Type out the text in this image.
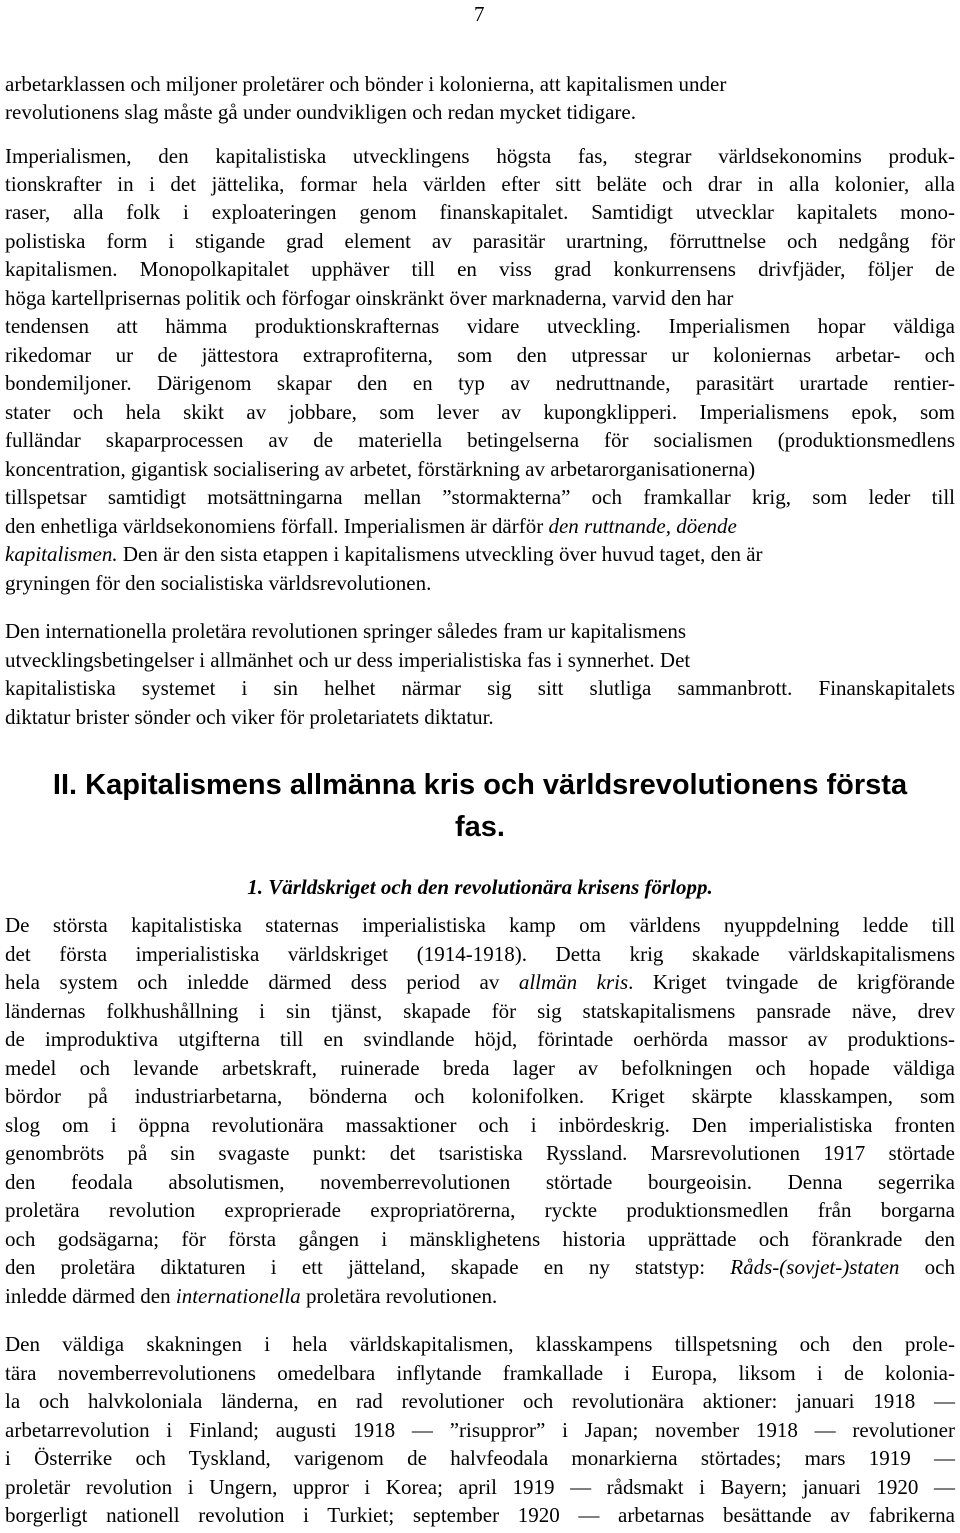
7
arbetarklassen och miljoner proletärer och bönder i kolonierna, att kapitalismen under
revolutionens slag måste gå under oundvikligen och redan mycket tidigare.
Imperialismen, den kapitalistiska utvecklingens högsta fas, stegrar världsekonomins produk-
tionskrafter in i det jättelika, formar hela världen efter sitt beläte och drar in alla kolonier, alla
raser, alla folk i exploateringen genom finanskapitalet. Samtidigt utvecklar kapitalets mono-
polistiska form i stigande grad element av parasitär urartning, förruttnelse och nedgång för
kapitalismen. Monopolkapitalet upphäver till en viss grad konkurrensens drivfjäder, följer de
höga kartellprisernas politik och förfogar oinskränkt över marknaderna, varvid den har
tendensen att hämma produktionskrafternas vidare utveckling. Imperialismen hopar väldiga
rikedomar ur de jättestora extraprofiterna, som den utpressar ur koloniernas arbetar- och
bondemiljoner. Därigenom skapar den en typ av nedruttnande, parasitärt urartade rentier-
stater och hela skikt av jobbare, som lever av kupongklipperi. Imperialismens epok, som
fulländar skaparprocessen av de materiella betingelserna för socialismen (produktionsmedlens
koncentration, gigantisk socialisering av arbetet, förstärkning av arbetarorganisationerna)
tillspetsar samtidigt motsättningarna mellan ”stormakterna” och framkallar krig, som leder till
den enhetliga världsekonomiens förfall. Imperialismen är därför den ruttnande, döende
kapitalismen. Den är den sista etappen i kapitalismens utveckling över huvud taget, den är
gryningen för den socialistiska världsrevolutionen.
Den internationella proletära revolutionen springer således fram ur kapitalismens
utvecklingsbetingelser i allmänhet och ur dess imperialistiska fas i synnerhet. Det
kapitalistiska systemet i sin helhet närmar sig sitt slutliga sammanbrott. Finanskapitalets
diktatur brister sönder och viker för proletariatets diktatur.
II. Kapitalismens allmänna kris och världsrevolutionens första
fas.
1. Världskriget och den revolutionära krisens förlopp.
De största kapitalistiska staternas imperialistiska kamp om världens nyuppdelning ledde till
det första imperialistiska världskriget (1914-1918). Detta krig skakade världskapitalismens
hela system och inledde därmed dess period av allmän kris. Kriget tvingade de krigförande
ländernas folkhushållning i sin tjänst, skapade för sig statskapitalismens pansrade näve, drev
de improduktiva utgifterna till en svindlande höjd, förintade oerhörda massor av produktions-
medel och levande arbetskraft, ruinerade breda lager av befolkningen och hopade väldiga
bördor på industriarbetarna, bönderna och kolonifolken. Kriget skärpte klasskampen, som
slog om i öppna revolutionära massaktioner och i inbördeskrig. Den imperialistiska fronten
genombröts på sin svagaste punkt: det tsaristiska Ryssland. Marsrevolutionen 1917 störtade
den feodala absolutismen, novemberrevolutionen störtade bourgeoisin. Denna segerrika
proletära revolution exproprierade expropriatörerna, ryckte produktionsmedlen från borgarna
och godsägarna; för första gången i mänsklighetens historia upprättade och förankrade den
den proletära diktaturen i ett jätteland, skapade en ny statstyp: Råds-(sovjet-)staten och
inledde därmed den internationella proletära revolutionen.
Den väldiga skakningen i hela världskapitalismen, klasskampens tillspetsning och den prole-
tära novemberrevolutionens omedelbara inflytande framkallade i Europa, liksom i de kolonia-
la och halvkoloniala länderna, en rad revolutioner och revolutionära aktioner: januari 1918 —
arbetarrevolution i Finland; augusti 1918 — ”risuppror” i Japan; november 1918 — revolutioner
i Österrike och Tyskland, varigenom de halvfeodala monarkierna störtades; mars 1919 —
proletär revolution i Ungern, uppror i Korea; april 1919 — rådsmakt i Bayern; januari 1920 —
borgerligt nationell revolution i Turkiet; september 1920 — arbetarnas besättande av fabrikerna
